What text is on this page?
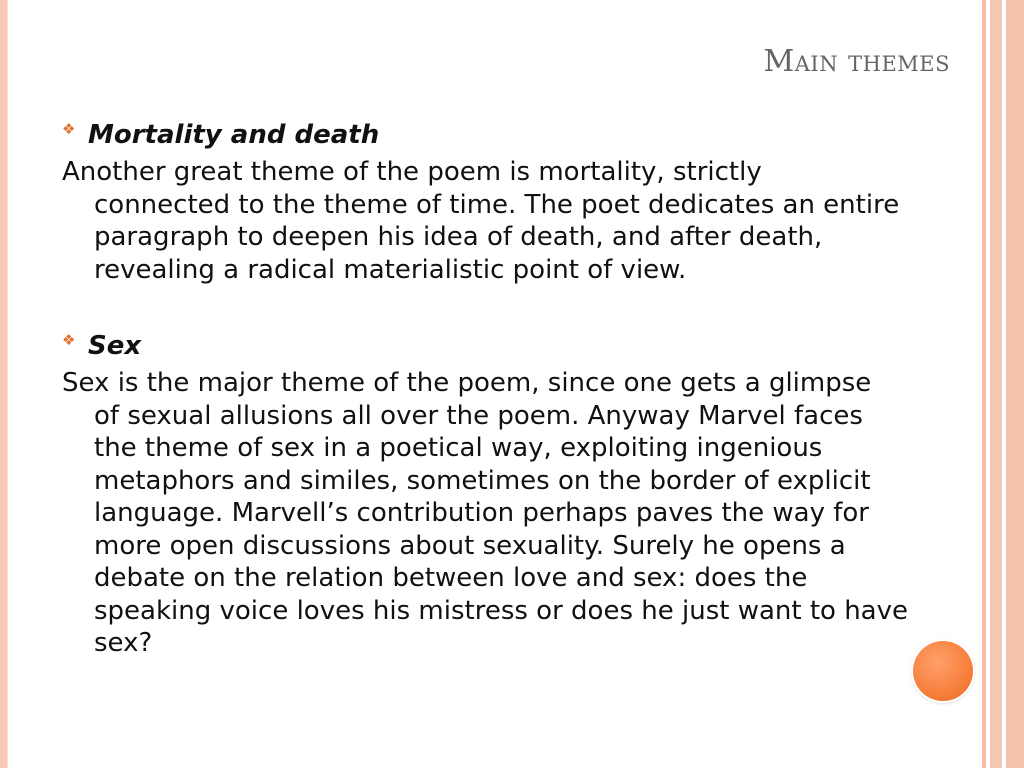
Main themes
❖ Mortality and death

Another great theme of the poem is mortality, strictly
connected to the theme of time. The poet dedicates an entire
paragraph to deepen his idea of death, and after death,
revealing a radical materialistic point of view.

❖ Sex

Sex is the major theme of the poem, since one gets a glimpse
of sexual allusions all over the poem. Anyway Marvel faces
the theme of sex in a poetical way, exploiting ingenious
metaphors and similes, sometimes on the border of explicit
language. Marvell’s contribution perhaps paves the way for
more open discussions about sexuality. Surely he opens a
debate on the relation between love and sex: does the
speaking voice loves his mistress or does he just want to have
sex?
